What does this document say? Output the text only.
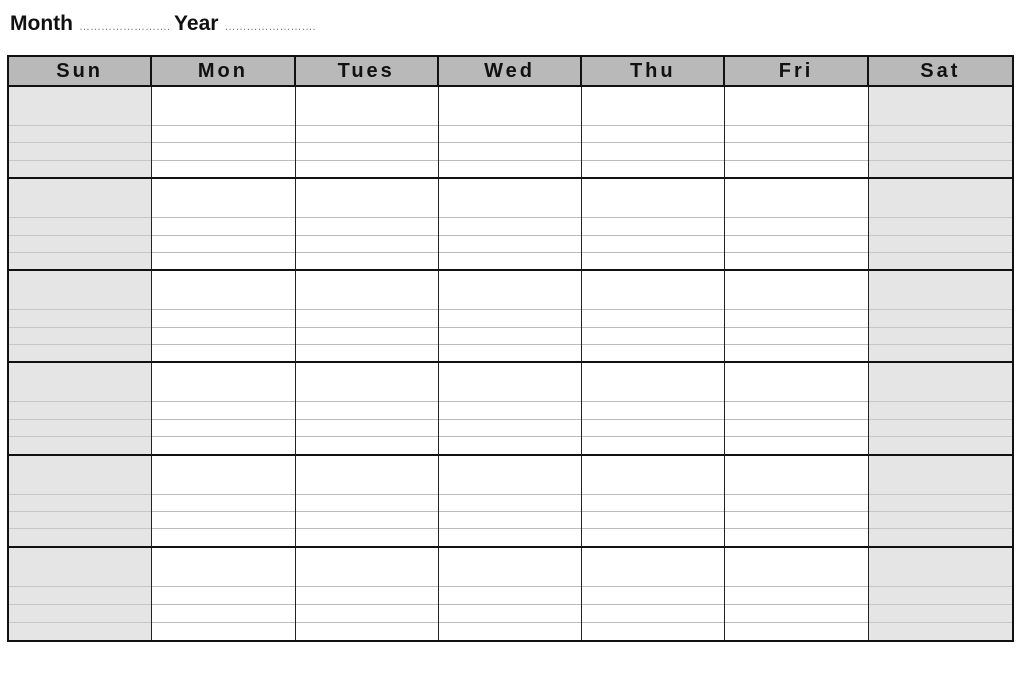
Month ……………………. Year …………………….
Sun	Mon	Tues	Wed	Thu	Fri	Sat
